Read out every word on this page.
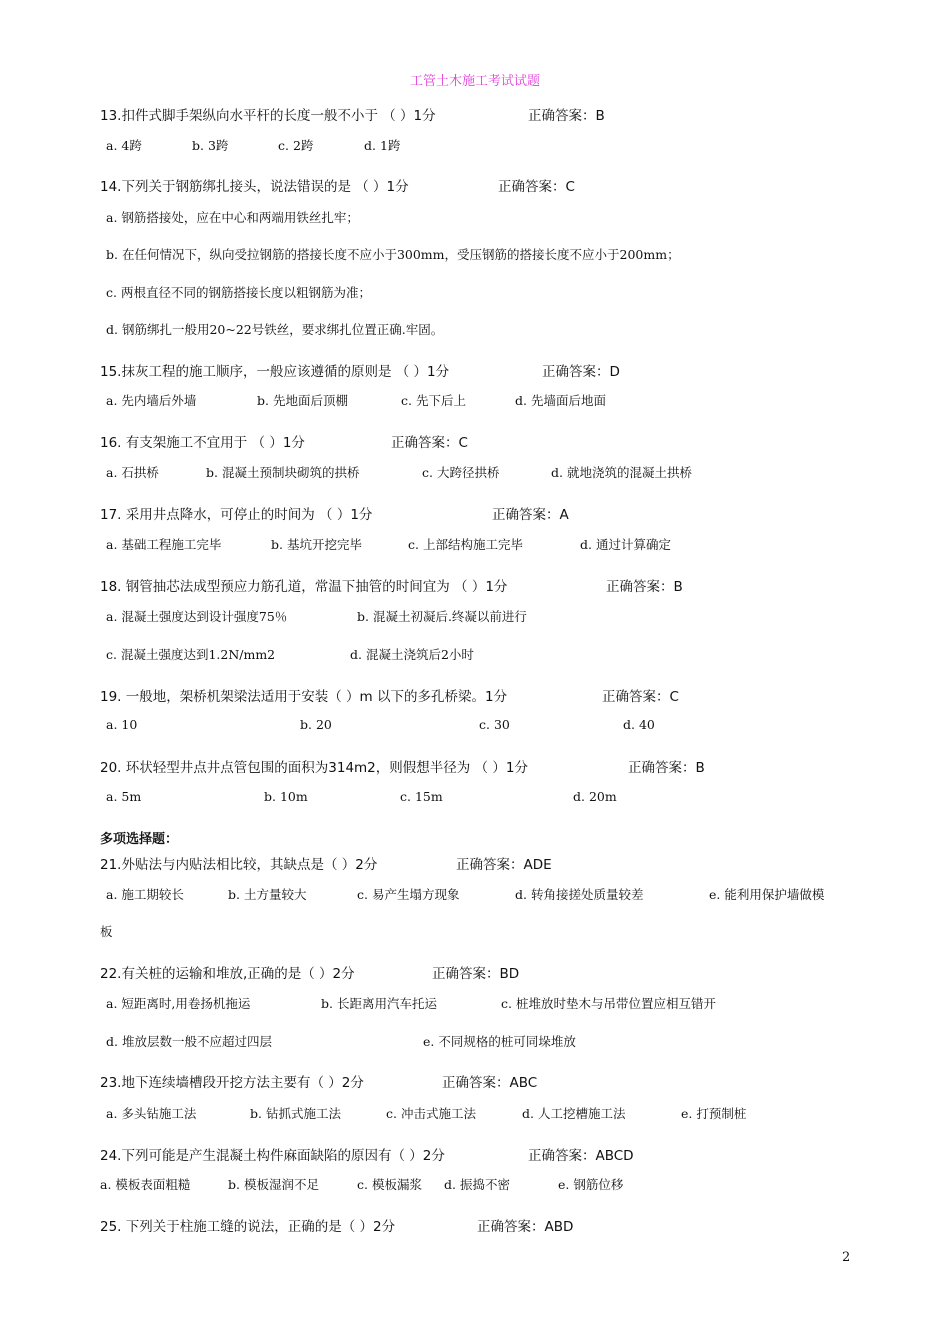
工管土木施工考试试题
13.扣件式脚手架纵向水平杆的长度一般不小于 （ ）1分	正确答案：B
a. 4跨	b. 3跨	c. 2跨	d. 1跨
14.下列关于钢筋绑扎接头，说法错误的是 （ ）1分	正确答案：C
a. 钢筋搭接处，应在中心和两端用铁丝扎牢；
b. 在任何情况下，纵向受拉钢筋的搭接长度不应小于300mm，受压钢筋的搭接长度不应小于200mm；
c. 两根直径不同的钢筋搭接长度以粗钢筋为准；
d. 钢筋绑扎一般用20~22号铁丝，要求绑扎位置正确.牢固。
15.抹灰工程的施工顺序，一般应该遵循的原则是 （ ）1分	正确答案：D
a. 先内墙后外墙	b. 先地面后顶棚	c. 先下后上	d. 先墙面后地面
16. 有支架施工不宜用于 （ ）1分	正确答案：C
a. 石拱桥	b. 混凝土预制块砌筑的拱桥	c. 大跨径拱桥	d. 就地浇筑的混凝土拱桥
17. 采用井点降水，可停止的时间为 （ ）1分	正确答案：A
a. 基础工程施工完毕	b. 基坑开挖完毕	c. 上部结构施工完毕	d. 通过计算确定
18. 钢管抽芯法成型预应力筋孔道，常温下抽管的时间宜为 （ ）1分	正确答案：B
a. 混凝土强度达到设计强度75％	b. 混凝土初凝后.终凝以前进行
c. 混凝土强度达到1.2N/mm2	d. 混凝土浇筑后2小时
19. 一般地，架桥机架梁法适用于安装（ ）m 以下的多孔桥梁。1分	正确答案：C
a. 10	b. 20	c. 30	d. 40
20. 环状轻型井点井点管包围的面积为314m2，则假想半径为 （ ）1分	正确答案：B
a. 5m	b. 10m	c. 15m	d. 20m
多项选择题：
21.外贴法与内贴法相比较，其缺点是（ ）2分	正确答案：ADE
a. 施工期较长	b. 土方量较大	c. 易产生塌方现象	d. 转角接搓处质量较差	e. 能利用保护墙做模
板
22.有关桩的运输和堆放,正确的是（ ）2分	正确答案：BD
a. 短距离时,用卷扬机拖运	b. 长距离用汽车托运	c. 桩堆放时垫木与吊带位置应相互错开
d. 堆放层数一般不应超过四层	e. 不同规格的桩可同垛堆放
23.地下连续墙槽段开挖方法主要有（ ）2分	正确答案：ABC
a. 多头钻施工法	b. 钻抓式施工法	c. 冲击式施工法	d. 人工挖槽施工法	e. 打预制桩
24.下列可能是产生混凝土构件麻面缺陷的原因有（ ）2分	正确答案：ABCD
a. 模板表面粗糙	b. 模板湿润不足	c. 模板漏浆 d. 振捣不密	e. 钢筋位移
25. 下列关于柱施工缝的说法，正确的是（ ）2分	正确答案：ABD
2
